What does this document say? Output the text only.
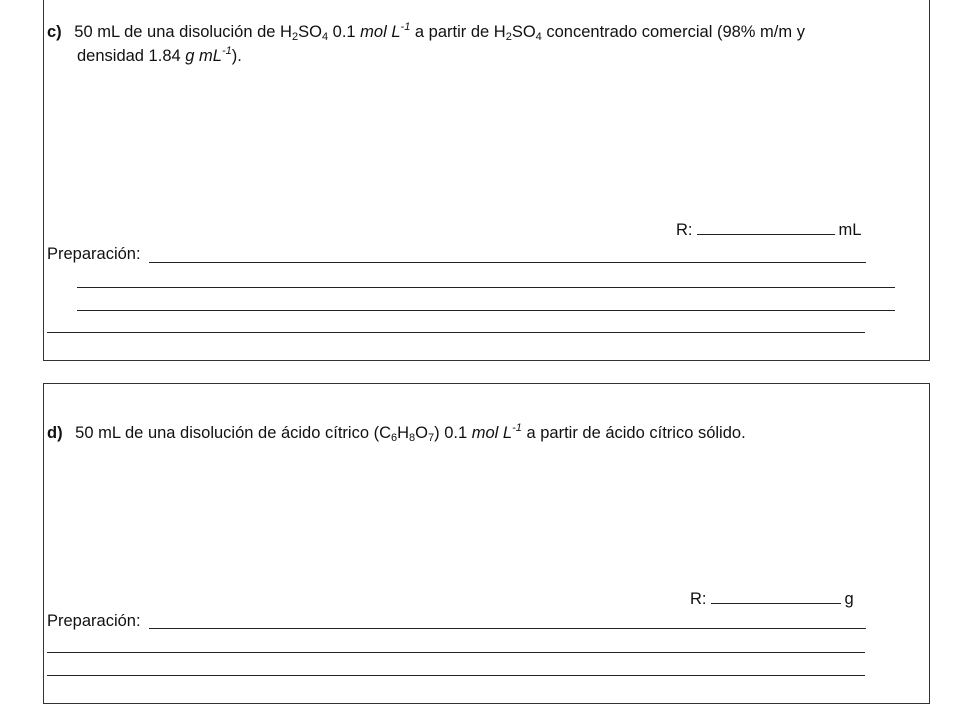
c) 50 mL de una disolución de $H_2SO_4$ 0.1 mol $L^{-1}$ a partir de $H_2SO_4$ concentrado comercial (98% m/m y
densidad 1.84 g $mL^{-1}$).
R:	mL
Preparación:
d) 50 mL de una disolución de ácido cítrico $(C_6H_8O_7)$ 0.1 mol $L^{-1}$ a partir de ácido cítrico sólido.
R:	g
Preparación:
